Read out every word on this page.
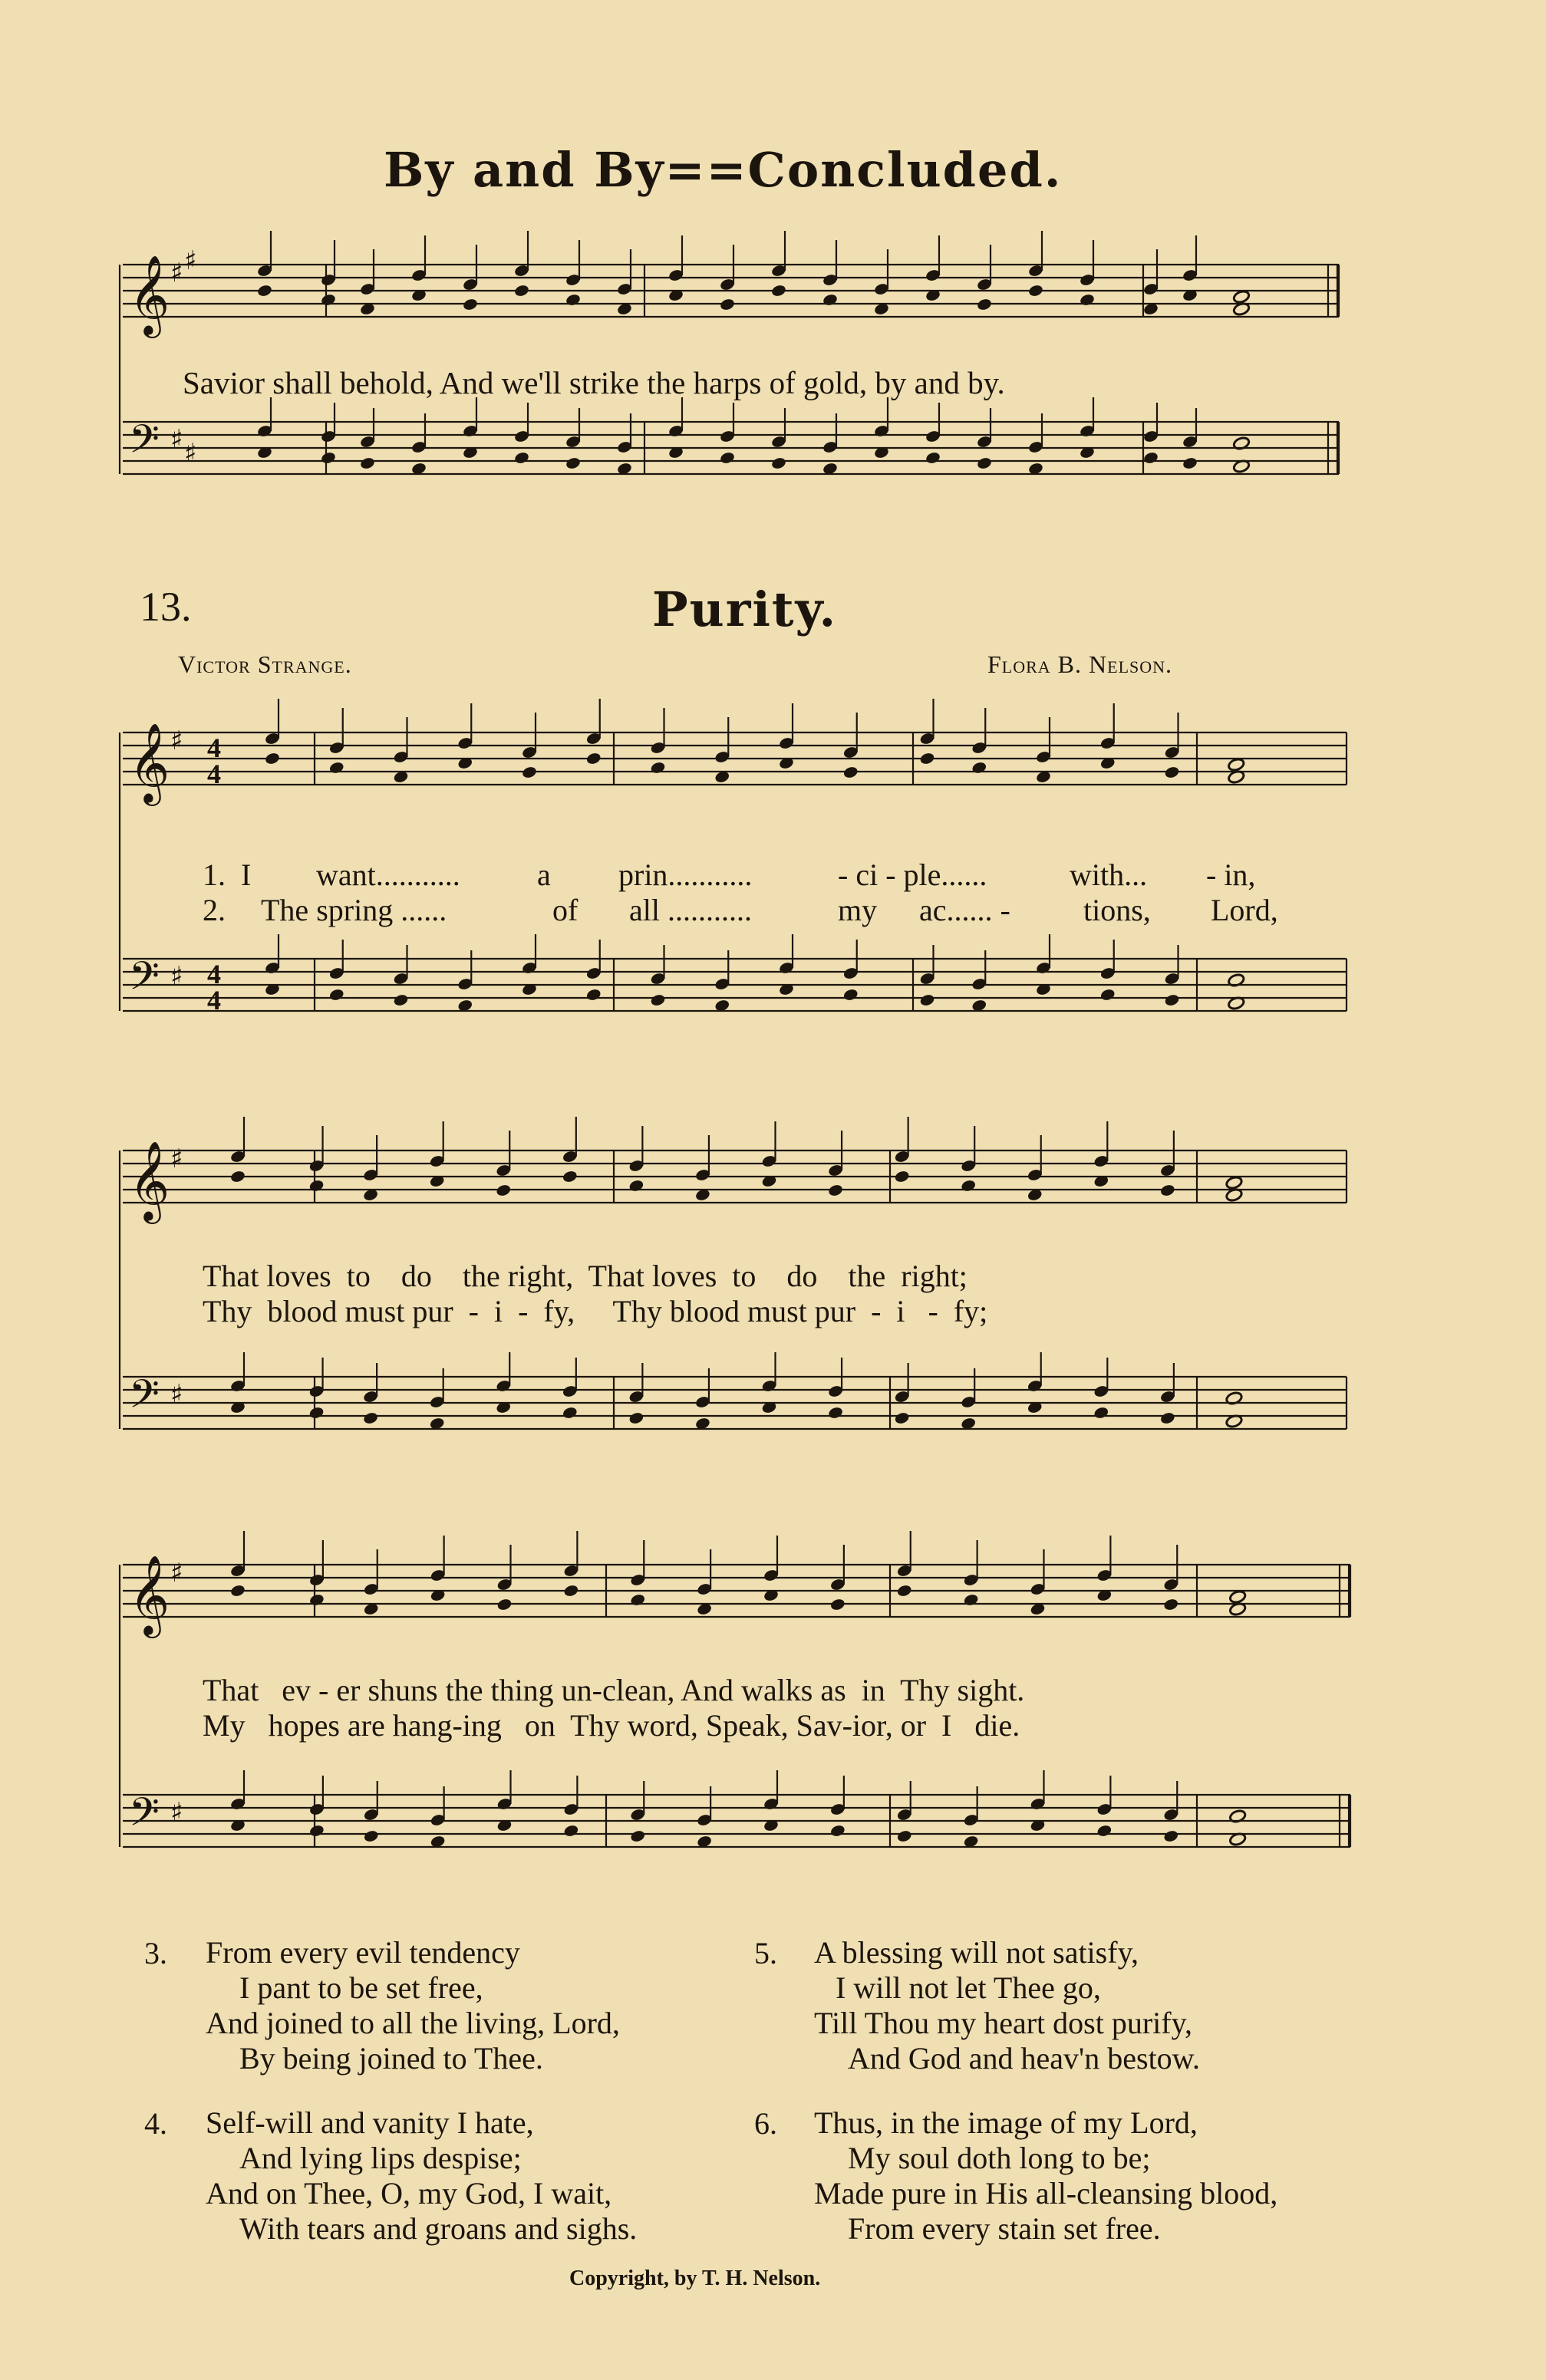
By and By==Concluded.
𝄞
𝄢
♯
♯
♯
♯
𝄞
𝄢
♯
♯
4
4
4
4
𝄞
𝄢
♯
♯
𝄞
𝄢
♯
♯
Savior shall behold, And we'll strike the harps of gold, by and by.
13.	Purity.
Victor Strange.	Flora B. Nelson.
1. I want...........	a prin...........	- ci - ple......	with... - in,
2. The spring ......	of all ...........	my ac...... - tions, Lord,
That loves  to    do    the right,  That loves  to    do    the  right;
Thy  blood must pur  -  i  -  fy,     Thy blood must pur  -  i   -  fy;
That   ev - er shuns the thing un-clean, And walks as  in  Thy sight.
My   hopes are hang-ing   on  Thy word, Speak, Sav-ior, or  I   die.
3. From every evil tendency
I pant to be set free,
And joined to all the living, Lord,
By being joined to Thee.
5. A blessing will not satisfy,
I will not let Thee go,
Till Thou my heart dost purify,
And God and heav'n bestow.
4. Self-will and vanity I hate,
And lying lips despise;
And on Thee, O, my God, I wait,
With tears and groans and sighs.
6. Thus, in the image of my Lord,
My soul doth long to be;
Made pure in His all-cleansing blood,
From every stain set free.
Copyright, by T. H. Nelson.
